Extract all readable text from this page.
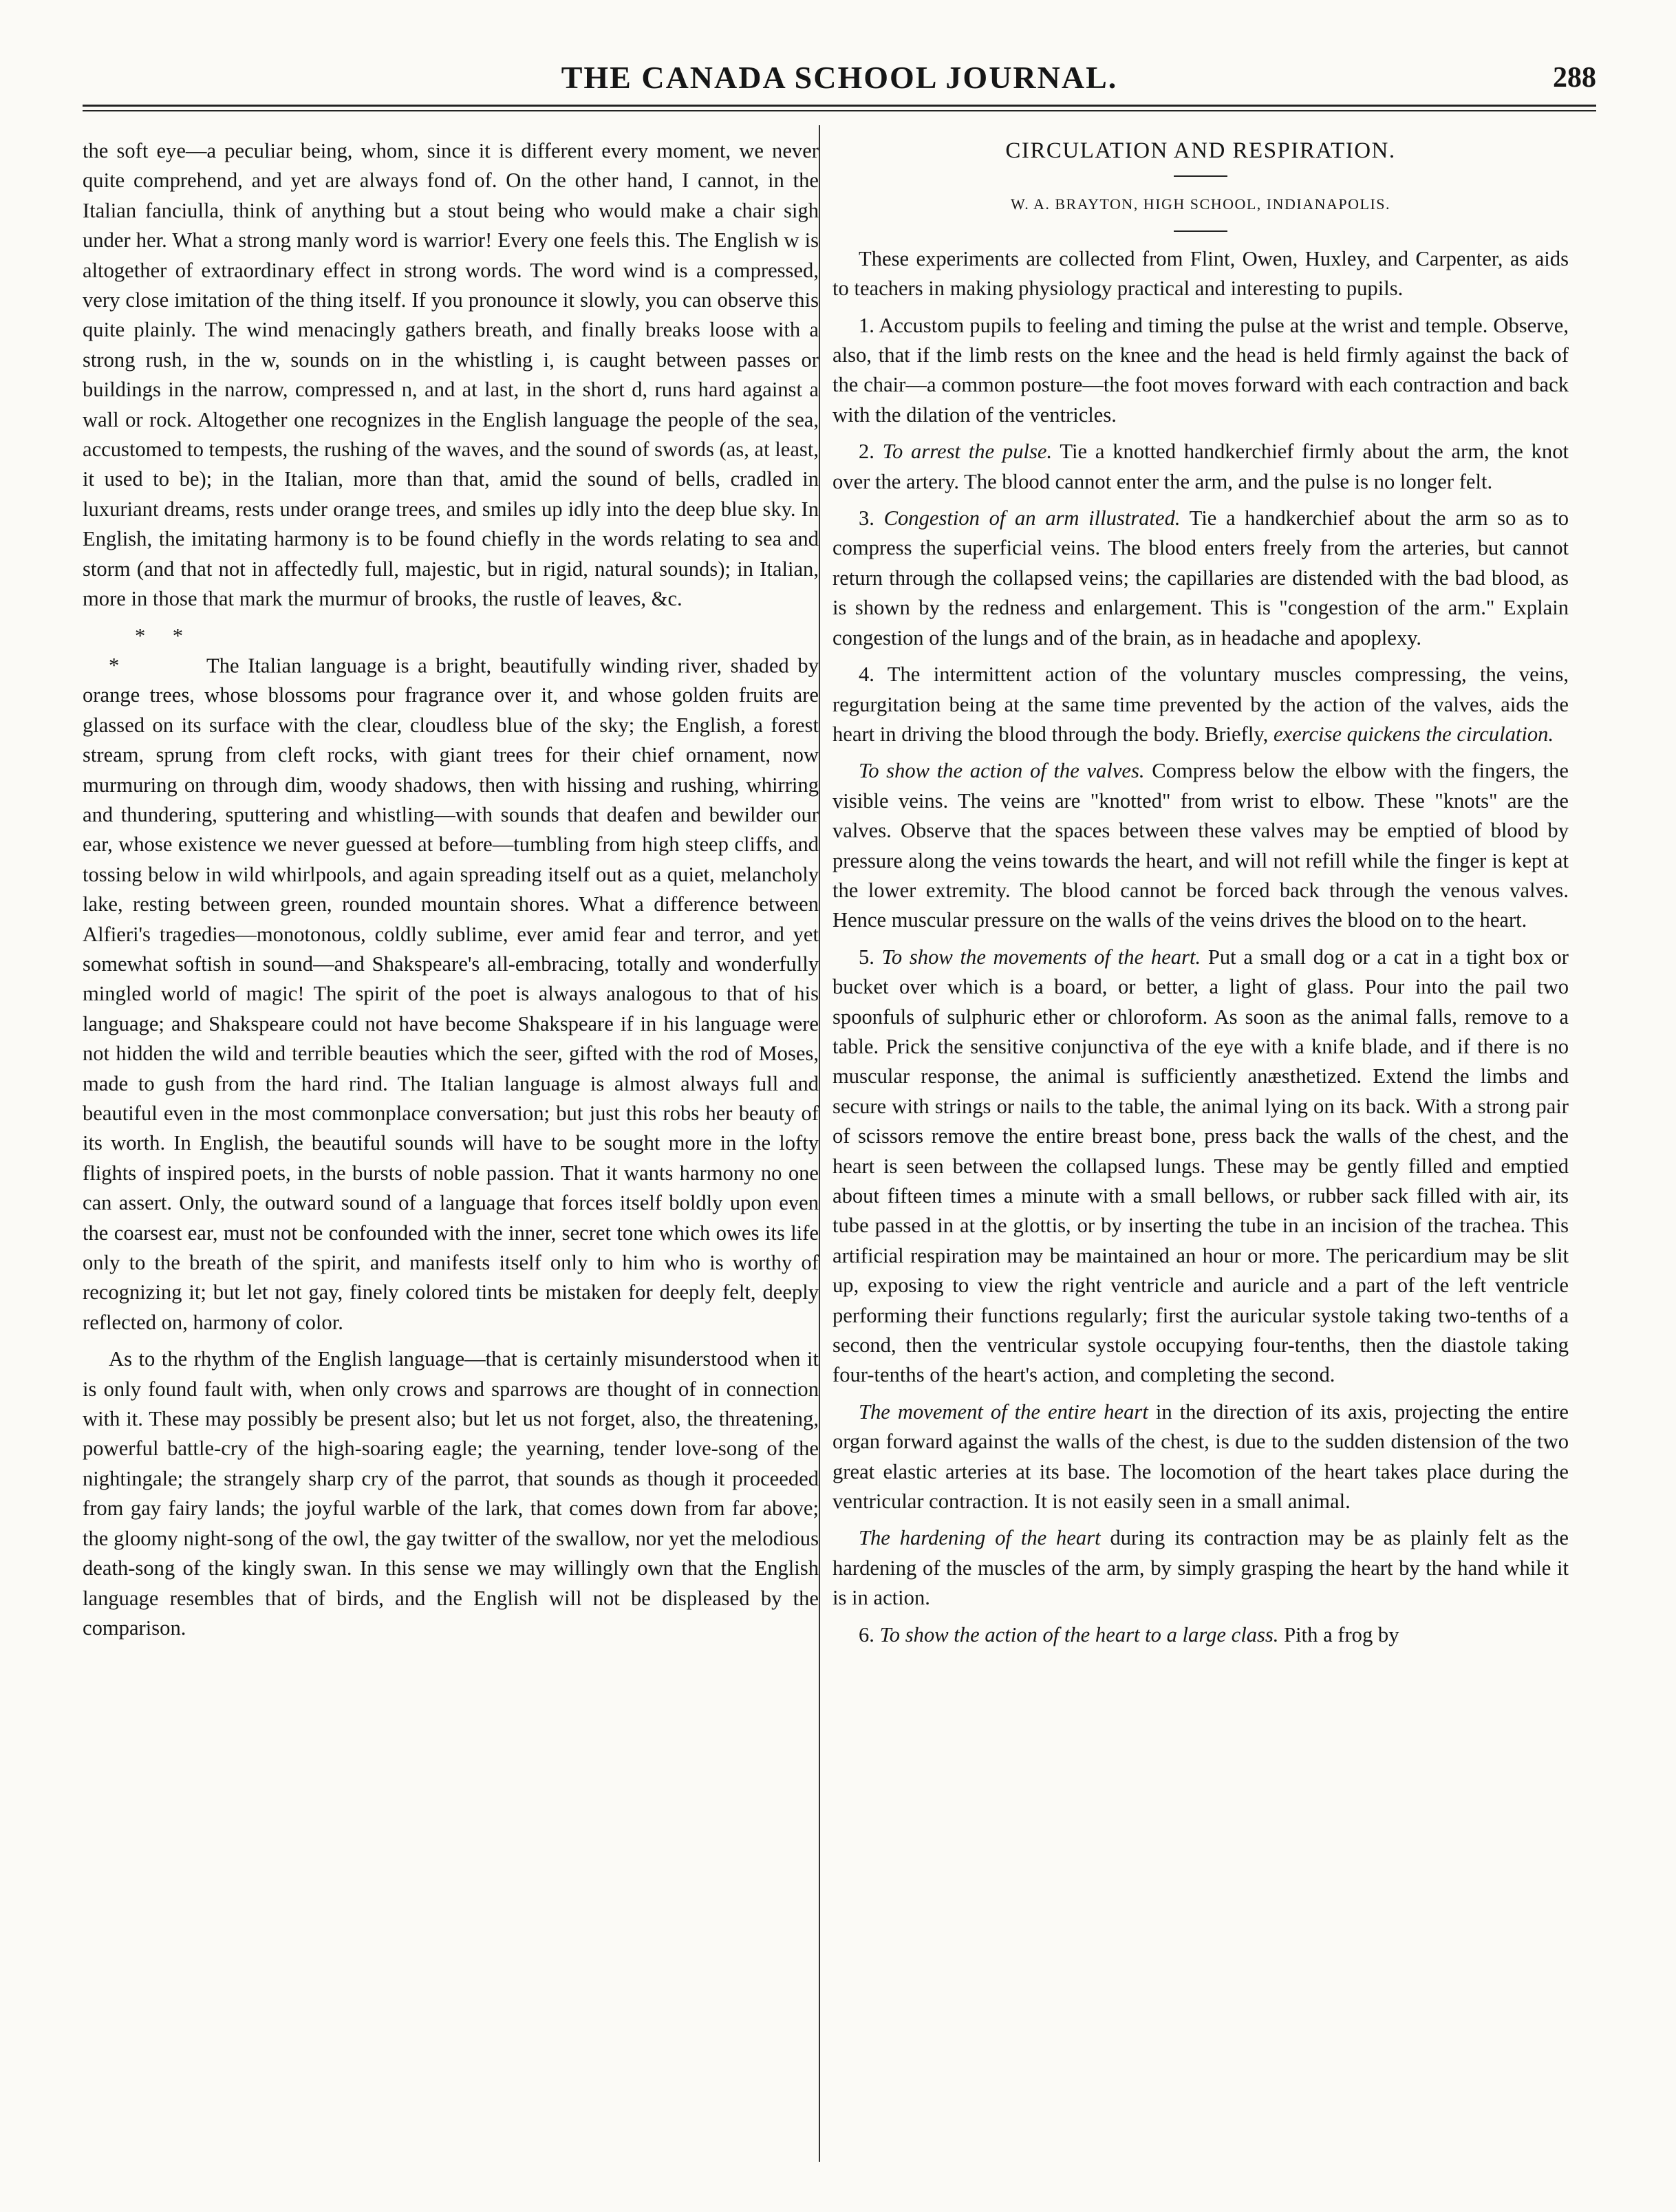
THE CANADA SCHOOL JOURNAL.	288

the soft eye—a peculiar being, whom, since it is different every moment, we never quite comprehend, and yet are always fond of. On the other hand, I cannot, in the Italian fanciulla, think of anything but a stout being who would make a chair sigh under her. What a strong manly word is warrior! Every one feels this. The English w is altogether of extraordinary effect in strong words. The word wind is a compressed, very close imitation of the thing itself. If you pronounce it slowly, you can observe this quite plainly. The wind menacingly gathers breath, and finally breaks loose with a strong rush, in the w, sounds on in the whistling i, is caught between passes or buildings in the narrow, compressed n, and at last, in the short d, runs hard against a wall or rock. Altogether one recognizes in the English language the people of the sea, accustomed to tempests, the rushing of the waves, and the sound of swords (as, at least, it used to be); in the Italian, more than that, amid the sound of bells, cradled in luxuriant dreams, rests under orange trees, and smiles up idly into the deep blue sky. In English, the imitating harmony is to be found chiefly in the words relating to sea and storm (and that not in affectedly full, majestic, but in rigid, natural sounds); in Italian, more in those that mark the murmur of brooks, the rustle of leaves, &c.

* * *	The Italian language is a bright, beautifully winding river, shaded by orange trees, whose blossoms pour fragrance over it, and whose golden fruits are glassed on its surface with the clear, cloudless blue of the sky; the English, a forest stream, sprung from cleft rocks, with giant trees for their chief ornament, now murmuring on through dim, woody shadows, then with hissing and rushing, whirring and thundering, sputtering and whistling—with sounds that deafen and bewilder our ear, whose existence we never guessed at before—tumbling from high steep cliffs, and tossing below in wild whirlpools, and again spreading itself out as a quiet, melancholy lake, resting between green, rounded mountain shores. What a difference between Alfieri's tragedies—monotonous, coldly sublime, ever amid fear and terror, and yet somewhat softish in sound—and Shakspeare's all-embracing, totally and wonderfully mingled world of magic! The spirit of the poet is always analogous to that of his language; and Shakspeare could not have become Shakspeare if in his language were not hidden the wild and terrible beauties which the seer, gifted with the rod of Moses, made to gush from the hard rind. The Italian language is almost always full and beautiful even in the most commonplace conversation; but just this robs her beauty of its worth. In English, the beautiful sounds will have to be sought more in the lofty flights of inspired poets, in the bursts of noble passion. That it wants harmony no one can assert. Only, the outward sound of a language that forces itself boldly upon even the coarsest ear, must not be confounded with the inner, secret tone which owes its life only to the breath of the spirit, and manifests itself only to him who is worthy of recognizing it; but let not gay, finely colored tints be mistaken for deeply felt, deeply reflected on, harmony of color.

As to the rhythm of the English language—that is certainly misunderstood when it is only found fault with, when only crows and sparrows are thought of in connection with it. These may possibly be present also; but let us not forget, also, the threatening, powerful battle-cry of the high-soaring eagle; the yearning, tender love-song of the nightingale; the strangely sharp cry of the parrot, that sounds as though it proceeded from gay fairy lands; the joyful warble of the lark, that comes down from far above; the gloomy night-song of the owl, the gay twitter of the swallow, nor yet the melodious death-song of the kingly swan. In this sense we may willingly own that the English language resembles that of birds, and the English will not be displeased by the comparison.

CIRCULATION AND RESPIRATION.
W. A. BRAYTON, HIGH SCHOOL, INDIANAPOLIS.

These experiments are collected from Flint, Owen, Huxley, and Carpenter, as aids to teachers in making physiology practical and interesting to pupils.

1. Accustom pupils to feeling and timing the pulse at the wrist and temple. Observe, also, that if the limb rests on the knee and the head is held firmly against the back of the chair—a common posture—the foot moves forward with each contraction and back with the dilation of the ventricles.

2. To arrest the pulse. Tie a knotted handkerchief firmly about the arm, the knot over the artery. The blood cannot enter the arm, and the pulse is no longer felt.

3. Congestion of an arm illustrated. Tie a handkerchief about the arm so as to compress the superficial veins. The blood enters freely from the arteries, but cannot return through the collapsed veins; the capillaries are distended with the bad blood, as is shown by the redness and enlargement. This is "congestion of the arm." Explain congestion of the lungs and of the brain, as in headache and apoplexy.

4. The intermittent action of the voluntary muscles compressing, the veins, regurgitation being at the same time prevented by the action of the valves, aids the heart in driving the blood through the body. Briefly, exercise quickens the circulation.

To show the action of the valves. Compress below the elbow with the fingers, the visible veins. The veins are "knotted" from wrist to elbow. These "knots" are the valves. Observe that the spaces between these valves may be emptied of blood by pressure along the veins towards the heart, and will not refill while the finger is kept at the lower extremity. The blood cannot be forced back through the venous valves. Hence muscular pressure on the walls of the veins drives the blood on to the heart.

5. To show the movements of the heart. Put a small dog or a cat in a tight box or bucket over which is a board, or better, a light of glass. Pour into the pail two spoonfuls of sulphuric ether or chloroform. As soon as the animal falls, remove to a table. Prick the sensitive conjunctiva of the eye with a knife blade, and if there is no muscular response, the animal is sufficiently anæsthetized. Extend the limbs and secure with strings or nails to the table, the animal lying on its back. With a strong pair of scissors remove the entire breast bone, press back the walls of the chest, and the heart is seen between the collapsed lungs. These may be gently filled and emptied about fifteen times a minute with a small bellows, or rubber sack filled with air, its tube passed in at the glottis, or by inserting the tube in an incision of the trachea. This artificial respiration may be maintained an hour or more. The pericardium may be slit up, exposing to view the right ventricle and auricle and a part of the left ventricle performing their functions regularly; first the auricular systole taking two-tenths of a second, then the ventricular systole occupying four-tenths, then the diastole taking four-tenths of the heart's action, and completing the second.

The movement of the entire heart in the direction of its axis, projecting the entire organ forward against the walls of the chest, is due to the sudden distension of the two great elastic arteries at its base. The locomotion of the heart takes place during the ventricular contraction. It is not easily seen in a small animal.

The hardening of the heart during its contraction may be as plainly felt as the hardening of the muscles of the arm, by simply grasping the heart by the hand while it is in action.

6. To show the action of the heart to a large class. Pith a frog by
